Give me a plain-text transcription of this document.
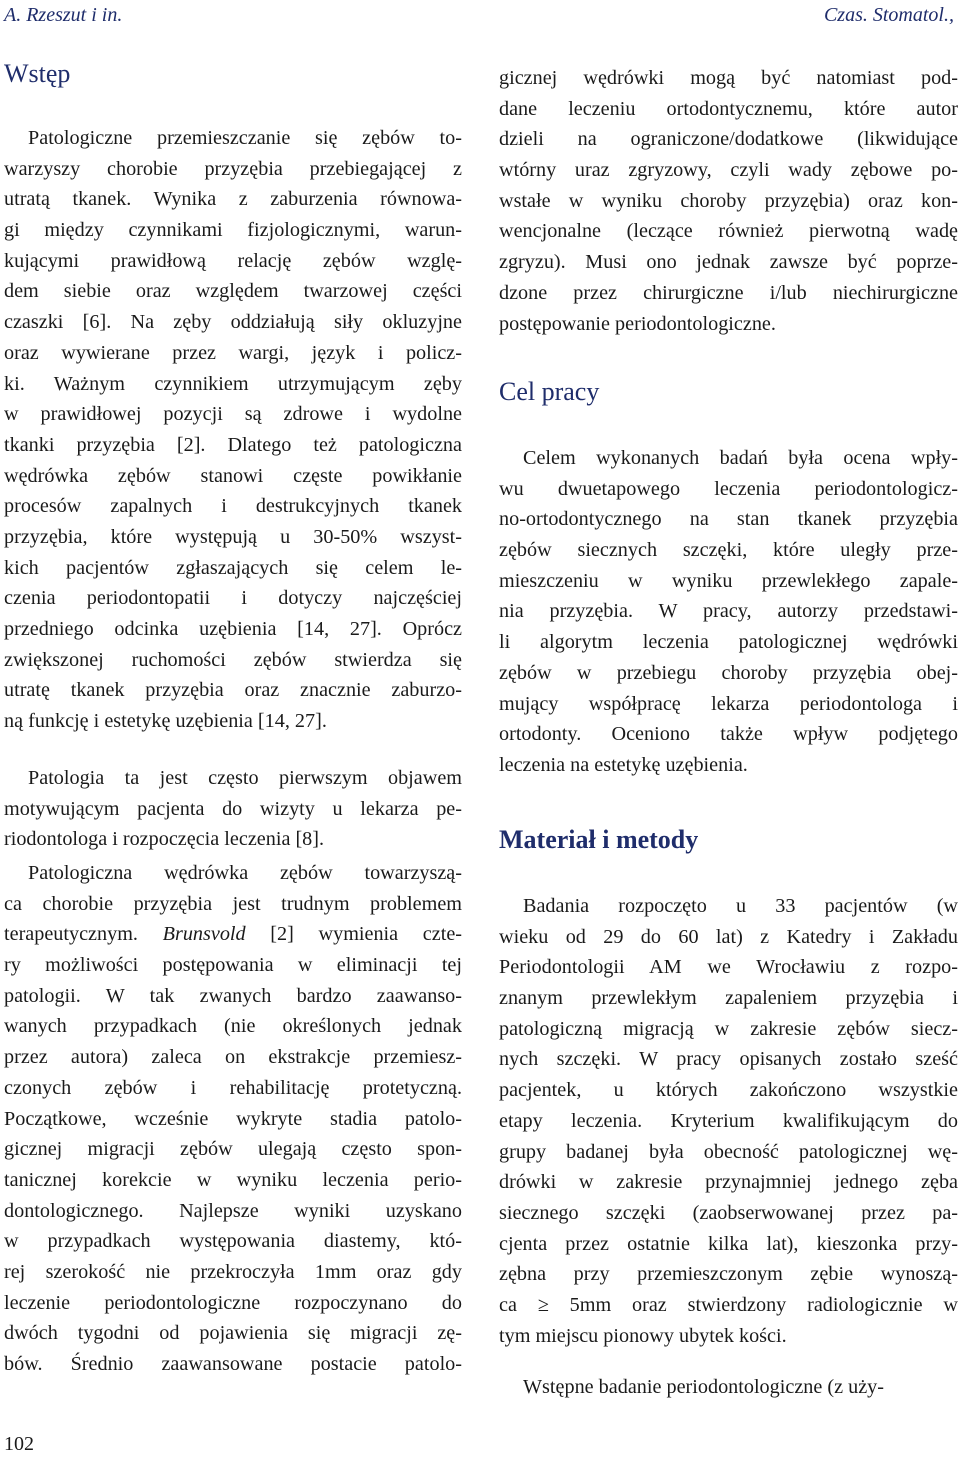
A. Rzeszut i in.	Czas. Stomatol.,
Wstęp
Patologiczne przemieszczanie się zębów to-
warzyszy chorobie przyzębia przebiegającej z
utratą tkanek. Wynika z zaburzenia równowa-
gi między czynnikami fizjologicznymi, warun-
kującymi prawidłową relację zębów wzglę-
dem siebie oraz względem twarzowej części
czaszki [6]. Na zęby oddziałują siły okluzyjne
oraz wywierane przez wargi, język i policz-
ki. Ważnym czynnikiem utrzymującym zęby
w prawidłowej pozycji są zdrowe i wydolne
tkanki przyzębia [2]. Dlatego też patologiczna
wędrówka zębów stanowi częste powikłanie
procesów zapalnych i destrukcyjnych tkanek
przyzębia, które występują u 30-50% wszyst-
kich pacjentów zgłaszających się celem le-
czenia periodontopatii i dotyczy najczęściej
przedniego odcinka uzębienia [14, 27]. Oprócz
zwiększonej ruchomości zębów stwierdza się
utratę tkanek przyzębia oraz znacznie zaburzo-
ną funkcję i estetykę uzębienia [14, 27].
Patologia ta jest często pierwszym objawem
motywującym pacjenta do wizyty u lekarza pe-
riodontologa i rozpoczęcia leczenia [8].
Patologiczna wędrówka zębów towarzyszą-
ca chorobie przyzębia jest trudnym problemem
terapeutycznym. Brunsvold [2] wymienia czte-
ry możliwości postępowania w eliminacji tej
patologii. W tak zwanych bardzo zaawanso-
wanych przypadkach (nie określonych jednak
przez autora) zaleca on ekstrakcje przemiesz-
czonych zębów i rehabilitację protetyczną.
Początkowe, wcześnie wykryte stadia patolo-
gicznej migracji zębów ulegają często spon-
tanicznej korekcie w wyniku leczenia perio-
dontologicznego. Najlepsze wyniki uzyskano
w przypadkach występowania diastemy, któ-
rej szerokość nie przekroczyła 1mm oraz gdy
leczenie periodontologiczne rozpoczynano do
dwóch tygodni od pojawienia się migracji zę-
bów. Średnio zaawansowane postacie patolo-
gicznej wędrówki mogą być natomiast pod-
dane leczeniu ortodontycznemu, które autor
dzieli na ograniczone/dodatkowe (likwidujące
wtórny uraz zgryzowy, czyli wady zębowe po-
wstałe w wyniku choroby przyzębia) oraz kon-
wencjonalne (leczące również pierwotną wadę
zgryzu). Musi ono jednak zawsze być poprze-
dzone przez chirurgiczne i/lub niechirurgiczne
postępowanie periodontologiczne.
Cel pracy
Celem wykonanych badań była ocena wpły-
wu dwuetapowego leczenia periodontologicz-
no-ortodontycznego na stan tkanek przyzębia
zębów siecznych szczęki, które uległy prze-
mieszczeniu w wyniku przewlekłego zapale-
nia przyzębia. W pracy, autorzy przedstawi-
li algorytm leczenia patologicznej wędrówki
zębów w przebiegu choroby przyzębia obej-
mujący współpracę lekarza periodontologa i
ortodonty. Oceniono także wpływ podjętego
leczenia na estetykę uzębienia.
Materiał i metody
Badania rozpoczęto u 33 pacjentów (w
wieku od 29 do 60 lat) z Katedry i Zakładu
Periodontologii AM we Wrocławiu z rozpo-
znanym przewlekłym zapaleniem przyzębia i
patologiczną migracją w zakresie zębów siecz-
nych szczęki. W pracy opisanych zostało sześć
pacjentek, u których zakończono wszystkie
etapy leczenia. Kryterium kwalifikującym do
grupy badanej była obecność patologicznej wę-
drówki w zakresie przynajmniej jednego zęba
siecznego szczęki (zaobserwowanej przez pa-
cjenta przez ostatnie kilka lat), kieszonka przy-
zębna przy przemieszczonym zębie wynoszą-
ca ≥ 5mm oraz stwierdzony radiologicznie w
tym miejscu pionowy ubytek kości.
Wstępne badanie periodontologiczne (z uży-
102
